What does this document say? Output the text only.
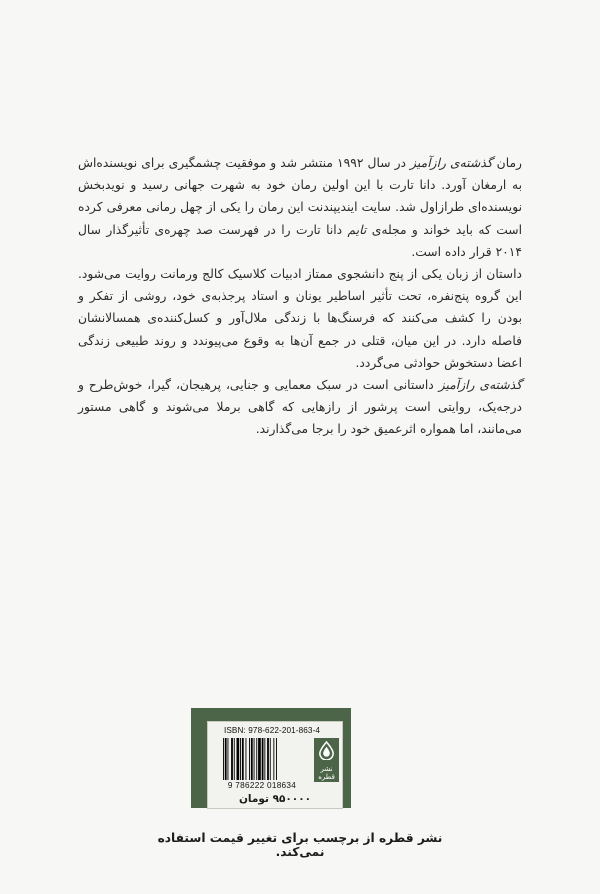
رمان گذشته‌ی رازآمیز در سال ۱۹۹۲ منتشر شد و موفقیت چشمگیری برای نویسنده‌اش به ارمغان آورد. دانا تارت با این اولین رمان خود به شهرت جهانی رسید و نویدبخش نویسنده‌ای طرازاول شد. سایت ایندیپندنت این رمان را یکی از چهل رمانی معرفی کرده است که باید خواند و مجله‌ی تایم دانا تارت را در فهرست صد چهره‌ی تأثیرگذار سال ۲۰۱۴ قرار داده است.

داستان از زبان یکی از پنج دانشجوی ممتاز ادبیات کلاسیک کالج ورمانت روایت می‌شود. این گروه پنج‌نفره، تحت تأثیر اساطیر یونان و استاد پرجذبه‌ی خود، روشی از تفکر و بودن را کشف می‌کنند که فرسنگ‌ها با زندگی ملال‌آور و کسل‌کننده‌ی همسالانشان فاصله دارد. در این میان، قتلی در جمع آن‌ها به وقوع می‌پیوندد و روند طبیعی زندگی اعضا دستخوش حوادثی می‌گردد.

گذشته‌ی رازآمیز داستانی است در سبک معمایی و جنایی، پرهیجان، گیرا، خوش‌طرح و درجه‌یک، روایتی است پرشور از رازهایی که گاهی برملا می‌شوند و گاهی مستور می‌مانند، اما همواره اثرعمیق خود را برجا می‌گذارند.

ISBN: 978-622-201-863-4
9 786222 018634
نشر قطره
۹۵۰۰۰۰ تومان
نشر قطره از برچسب برای تغییر قیمت استفاده نمی‌کند.
